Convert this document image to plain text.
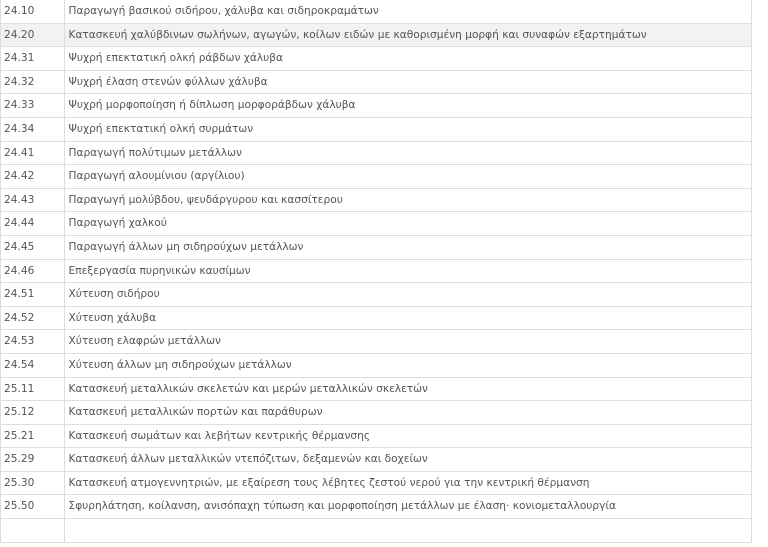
24.10	Παραγωγή βασικού σιδήρου, χάλυβα και σιδηροκραμάτων
24.20	Κατασκευή χαλύβδινων σωλήνων, αγωγών, κοίλων ειδών με καθορισμένη μορφή και συναφών εξαρτημάτων
24.31	Ψυχρή επεκτατική ολκή ράβδων χάλυβα
24.32	Ψυχρή έλαση στενών φύλλων χάλυβα
24.33	Ψυχρή μορφοποίηση ή δίπλωση μορφοράβδων χάλυβα
24.34	Ψυχρή επεκτατική ολκή συρμάτων
24.41	Παραγωγή πολύτιμων μετάλλων
24.42	Παραγωγή αλουμίνιου (αργίλιου)
24.43	Παραγωγή μολύβδου, ψευδάργυρου και κασσίτερου
24.44	Παραγωγή χαλκού
24.45	Παραγωγή άλλων μη σιδηρούχων μετάλλων
24.46	Επεξεργασία πυρηνικών καυσίμων
24.51	Χύτευση σιδήρου
24.52	Χύτευση χάλυβα
24.53	Χύτευση ελαφρών μετάλλων
24.54	Χύτευση άλλων μη σιδηρούχων μετάλλων
25.11	Κατασκευή μεταλλικών σκελετών και μερών μεταλλικών σκελετών
25.12	Κατασκευή μεταλλικών πορτών και παράθυρων
25.21	Κατασκευή σωμάτων και λεβήτων κεντρικής θέρμανσης
25.29	Κατασκευή άλλων μεταλλικών ντεπόζιτων, δεξαμενών και δοχείων
25.30	Κατασκευή ατμογεννητριών, με εξαίρεση τους λέβητες ζεστού νερού για την κεντρική θέρμανση
25.50	Σφυρηλάτηση, κοίλανση, ανισόπαχη τύπωση και μορφοποίηση μετάλλων με έλαση· κονιομεταλλουργία
